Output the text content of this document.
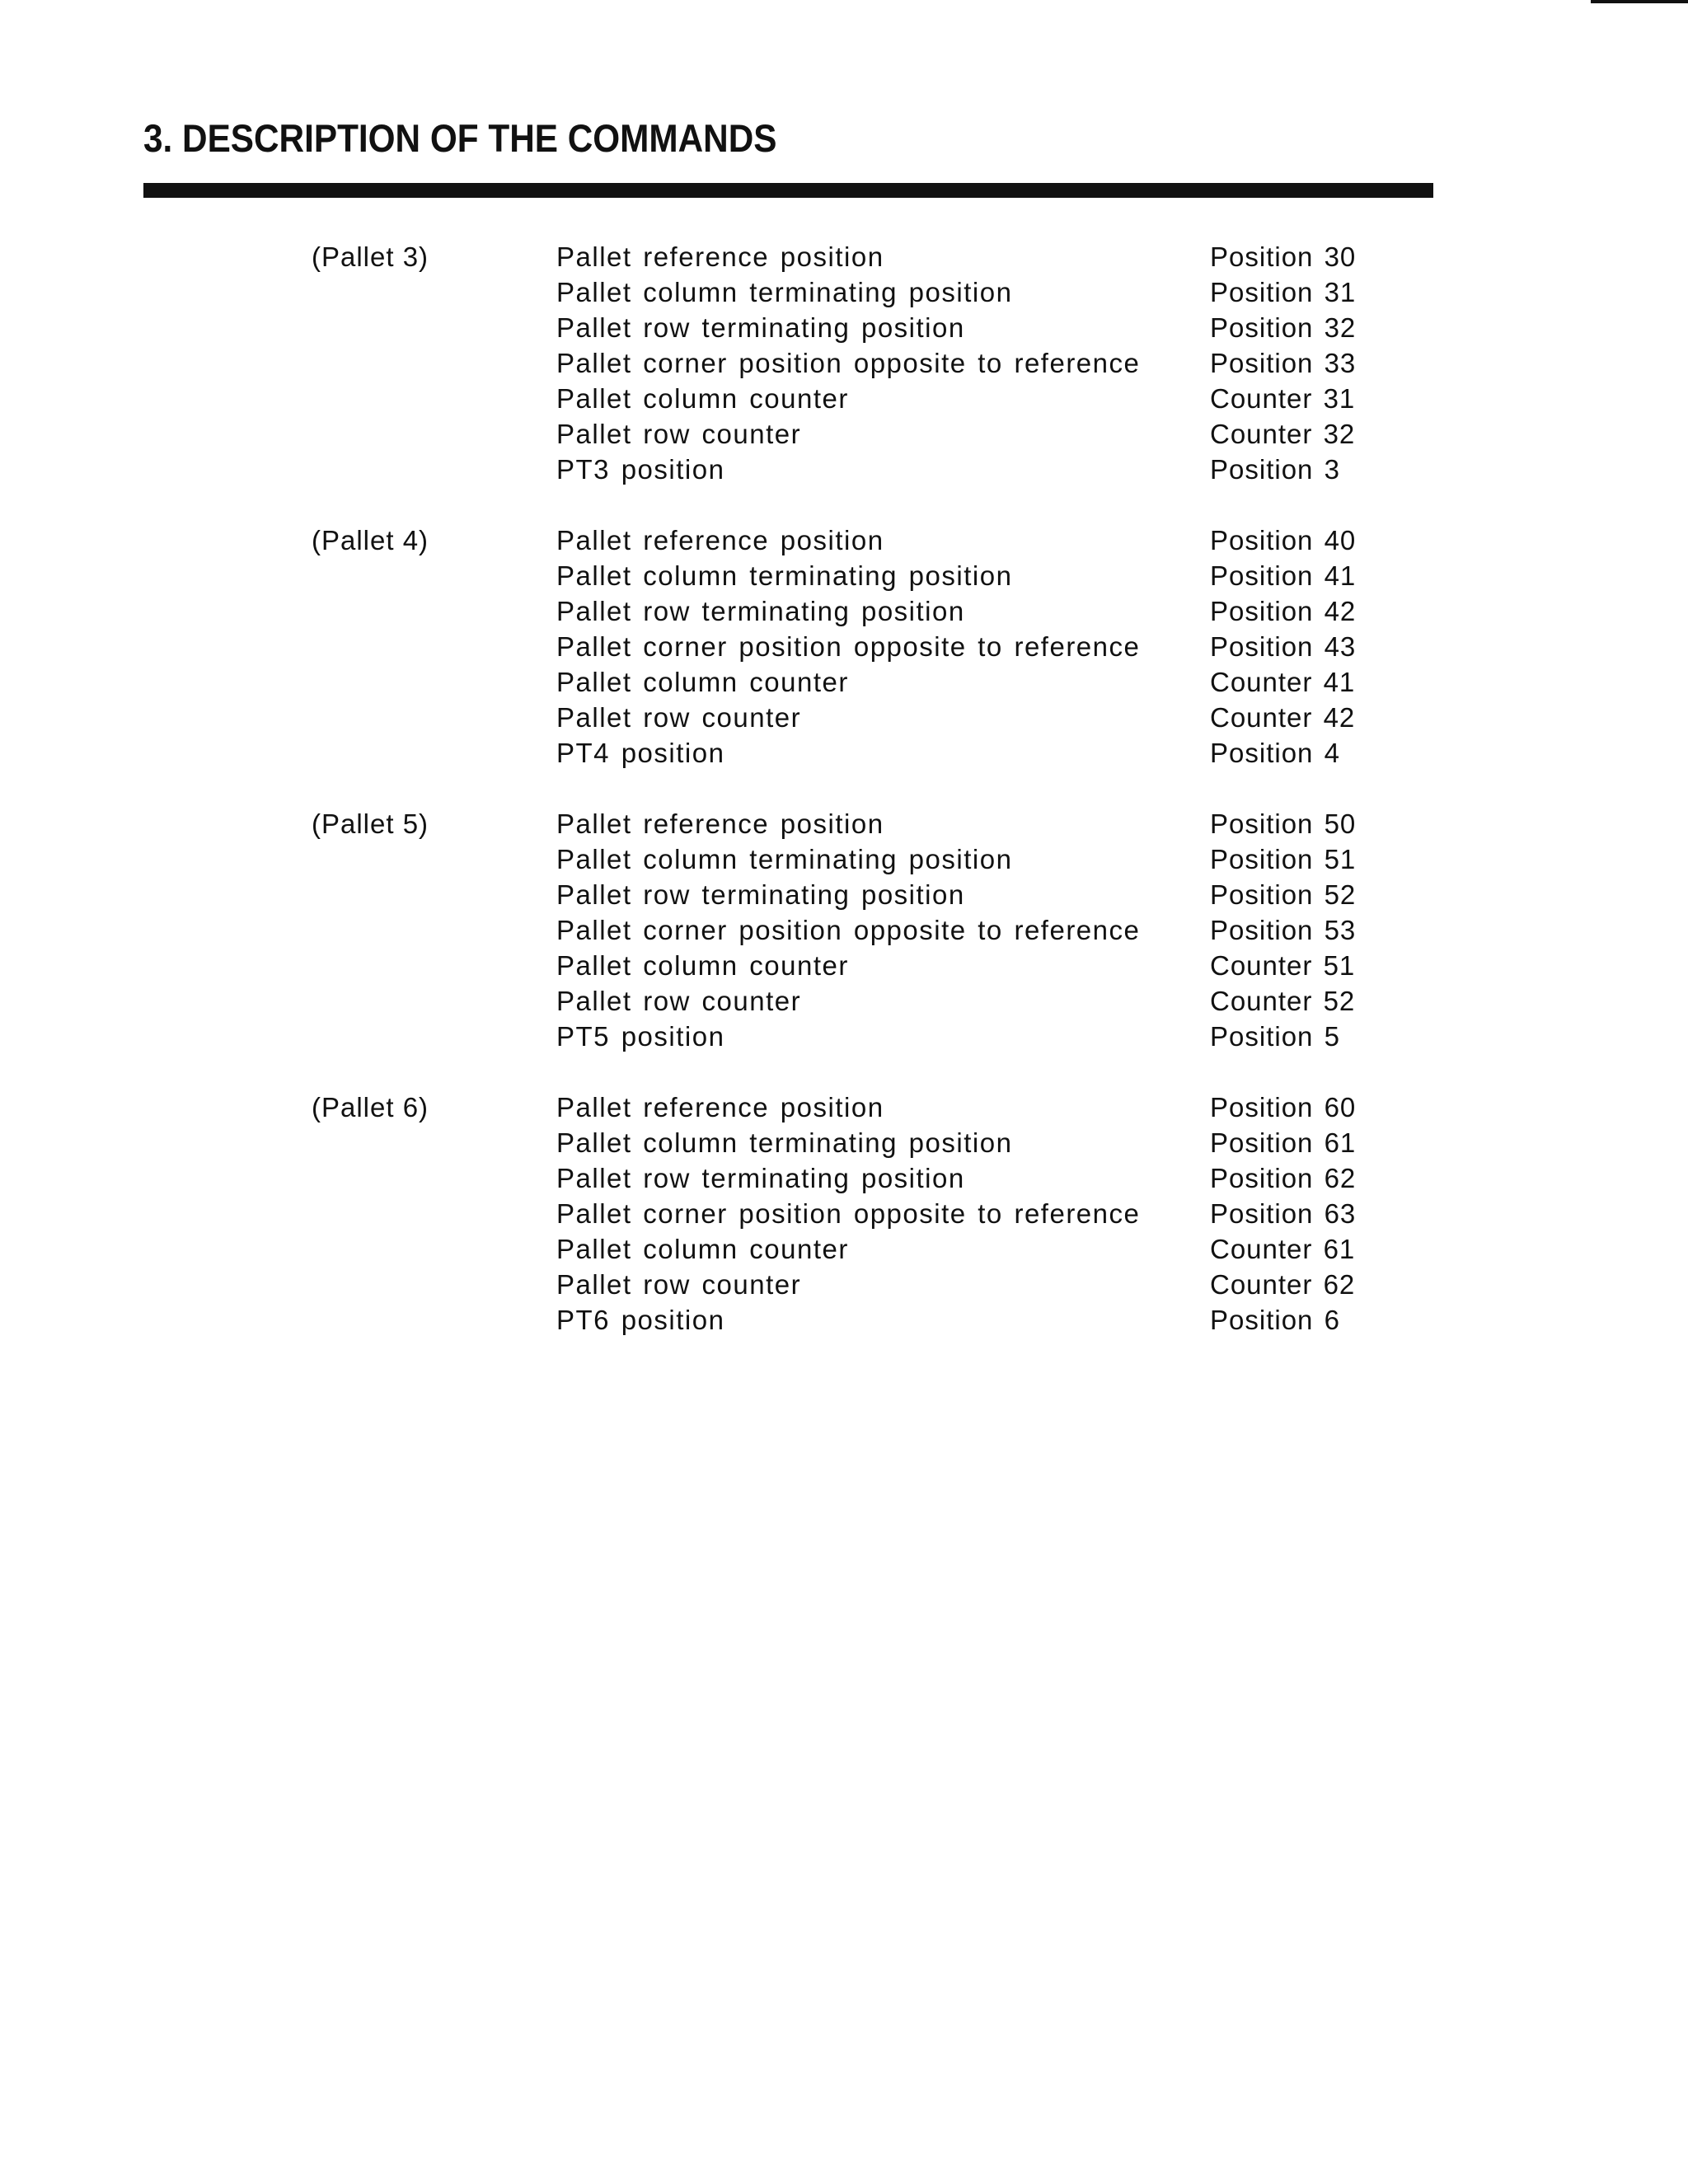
3. DESCRIPTION OF THE COMMANDS
(Pallet 3)	Pallet reference position	Position 30
Pallet column terminating position	Position 31
Pallet row terminating position	Position 32
Pallet corner position opposite to reference	Position 33
Pallet column counter	Counter 31
Pallet row counter	Counter 32
PT3 position	Position 3
(Pallet 4)	Pallet reference position	Position 40
Pallet column terminating position	Position 41
Pallet row terminating position	Position 42
Pallet corner position opposite to reference	Position 43
Pallet column counter	Counter 41
Pallet row counter	Counter 42
PT4 position	Position 4
(Pallet 5)	Pallet reference position	Position 50
Pallet column terminating position	Position 51
Pallet row terminating position	Position 52
Pallet corner position opposite to reference	Position 53
Pallet column counter	Counter 51
Pallet row counter	Counter 52
PT5 position	Position 5
(Pallet 6)	Pallet reference position	Position 60
Pallet column terminating position	Position 61
Pallet row terminating position	Position 62
Pallet corner position opposite to reference	Position 63
Pallet column counter	Counter 61
Pallet row counter	Counter 62
PT6 position	Position 6
